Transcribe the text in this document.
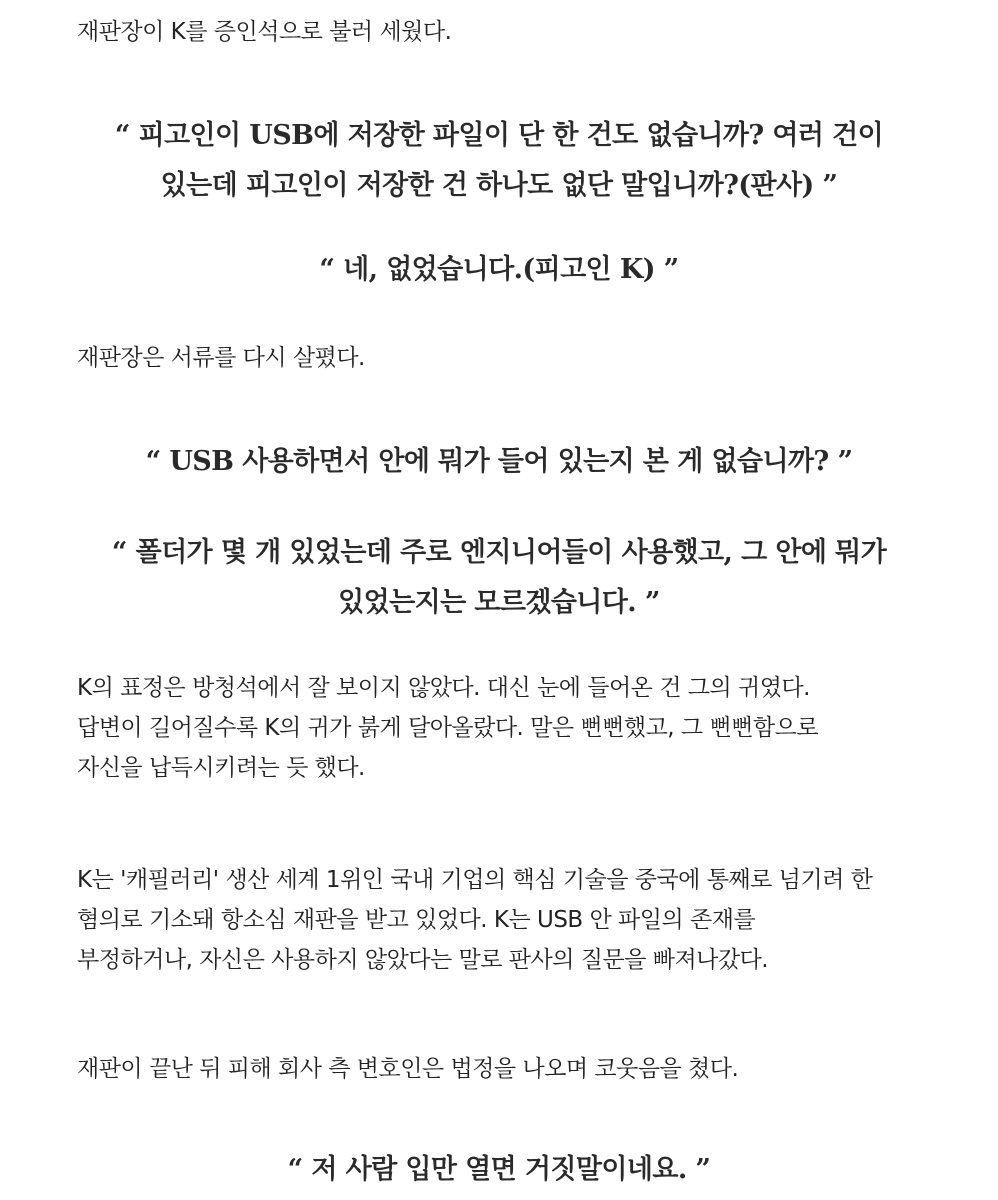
재판장이 K를 증인석으로 불러 세웠다.

“ 피고인이 USB에 저장한 파일이 단 한 건도 없습니까? 여러 건이
있는데 피고인이 저장한 건 하나도 없단 말입니까?(판사) ”
“ 네, 없었습니다.(피고인 K) ”

재판장은 서류를 다시 살폈다.

“ USB 사용하면서 안에 뭐가 들어 있는지 본 게 없습니까? ”
“ 폴더가 몇 개 있었는데 주로 엔지니어들이 사용했고, 그 안에 뭐가
있었는지는 모르겠습니다. ”

K의 표정은 방청석에서 잘 보이지 않았다. 대신 눈에 들어온 건 그의 귀였다.
답변이 길어질수록 K의 귀가 붉게 달아올랐다. 말은 뻔뻔했고, 그 뻔뻔함으로
자신을 납득시키려는 듯 했다.

K는 '캐필러리' 생산 세계 1위인 국내 기업의 핵심 기술을 중국에 통째로 넘기려 한
혐의로 기소돼 항소심 재판을 받고 있었다. K는 USB 안 파일의 존재를
부정하거나, 자신은 사용하지 않았다는 말로 판사의 질문을 빠져나갔다.

재판이 끝난 뒤 피해 회사 측 변호인은 법정을 나오며 코웃음을 쳤다.

“ 저 사람 입만 열면 거짓말이네요. ”
